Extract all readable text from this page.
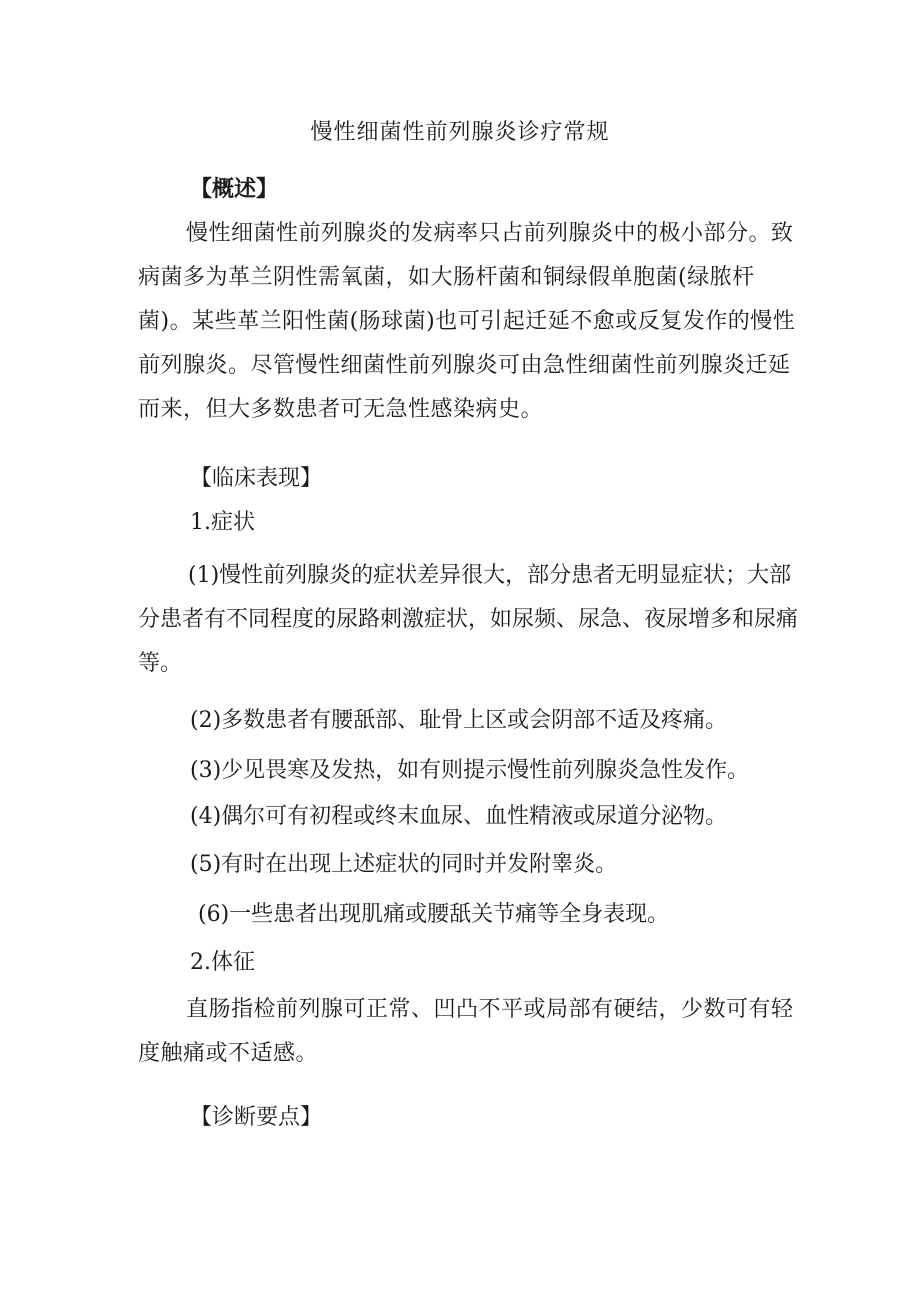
慢性细菌性前列腺炎诊疗常规
【概述】

慢性细菌性前列腺炎的发病率只占前列腺炎中的极小部分。致病菌多为革兰阴性需氧菌，如大肠杆菌和铜绿假单胞菌(绿脓杆菌)。某些革兰阳性菌(肠球菌)也可引起迁延不愈或反复发作的慢性前列腺炎。尽管慢性细菌性前列腺炎可由急性细菌性前列腺炎迁延而来，但大多数患者可无急性感染病史。

【临床表现】
1.症状

(1)慢性前列腺炎的症状差异很大，部分患者无明显症状；大部分患者有不同程度的尿路刺激症状，如尿频、尿急、夜尿增多和尿痛等。

(2)多数患者有腰舐部、耻骨上区或会阴部不适及疼痛。
(3)少见畏寒及发热，如有则提示慢性前列腺炎急性发作。
(4)偶尔可有初程或终末血尿、血性精液或尿道分泌物。
(5)有时在出现上述症状的同时并发附睾炎。
(6)一些患者出现肌痛或腰舐关节痛等全身表现。
2.体征

直肠指检前列腺可正常、凹凸不平或局部有硬结，少数可有轻度触痛或不适感。

【诊断要点】
